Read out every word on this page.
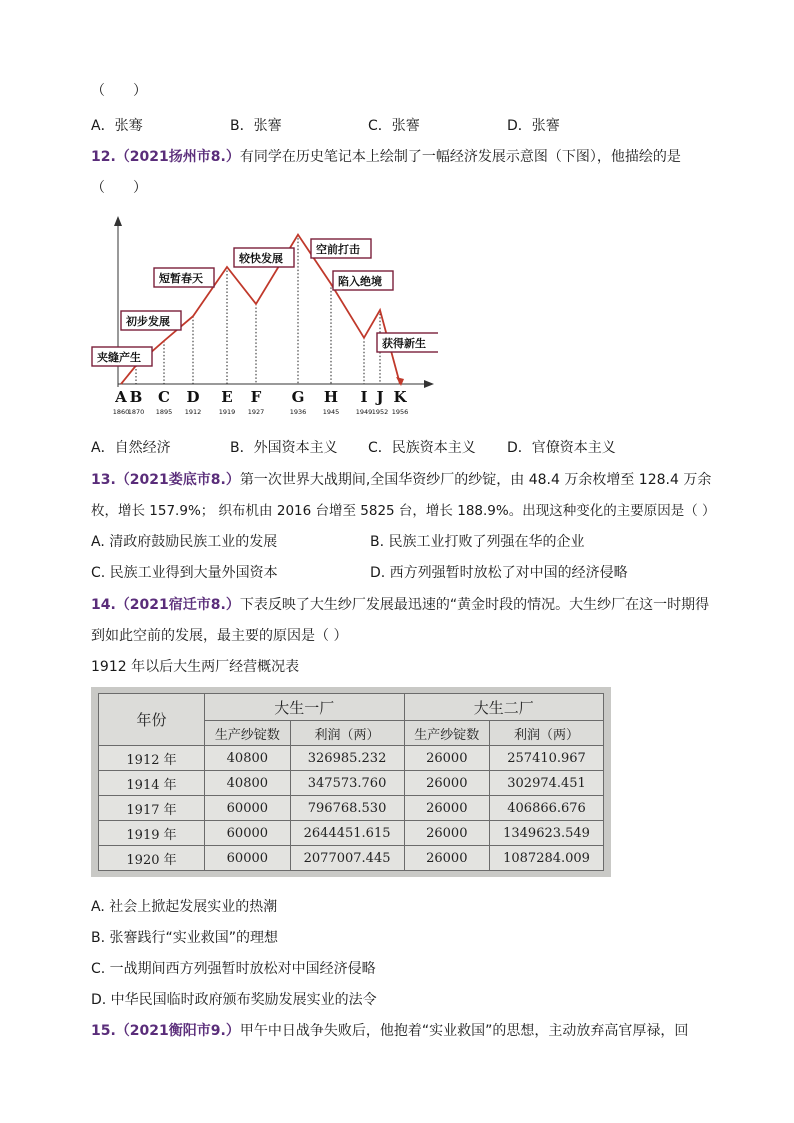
（　　）
A．张骞	B．张謇	C．张謇	D．张謇
12.（2021扬州市8.）有同学在历史笔记本上绘制了一幅经济发展示意图（下图），他描绘的是
（　　）
A B C D E F G H I J K
1860
1870 1895 1912	1919 1927	1936	1945	1949 1952 1956
夹缝产生
初步发展
短暂春天
较快发展
空前打击
陷入绝境
获得新生
A．自然经济	B．外国资本主义 C．民族资本主义 D．官僚资本主义
13.（2021娄底市8.）第一次世界大战期间,全国华资纱厂的纱锭，由 48.4 万余枚增至 128.4 万余
枚，增长 157.9%； 织布机由 2016 台增至 5825 台，增长 188.9%。出现这种变化的主要原因是（ ）
A. 清政府鼓励民族工业的发展	B. 民族工业打败了列强在华的企业
C. 民族工业得到大量外国资本	D. 西方列强暂时放松了对中国的经济侵略
14.（2021宿迁市8.）下表反映了大生纱厂发展最迅速的“黄金时段的情况。大生纱厂在这一时期得
到如此空前的发展，最主要的原因是（ ）
1912 年以后大生两厂经营概况表
年份	大生一厂		大生二厂	
	生产纱锭数	利润（两）	生产纱锭数	利润（两）
1912 年	40800	326985.232	26000	257410.967
1914 年	40800	347573.760	26000	302974.451
1917 年	60000	796768.530	26000	406866.676
1919 年	60000	2644451.615	26000	1349623.549
1920 年	60000	2077007.445	26000	1087284.009
A. 社会上掀起发展实业的热潮
B. 张謇践行“实业救国”的理想
C. 一战期间西方列强暂时放松对中国经济侵略
D. 中华民国临时政府颁布奖励发展实业的法令
15.（2021衡阳市9.）甲午中日战争失败后，他抱着“实业救国”的思想，主动放弃高官厚禄，回
